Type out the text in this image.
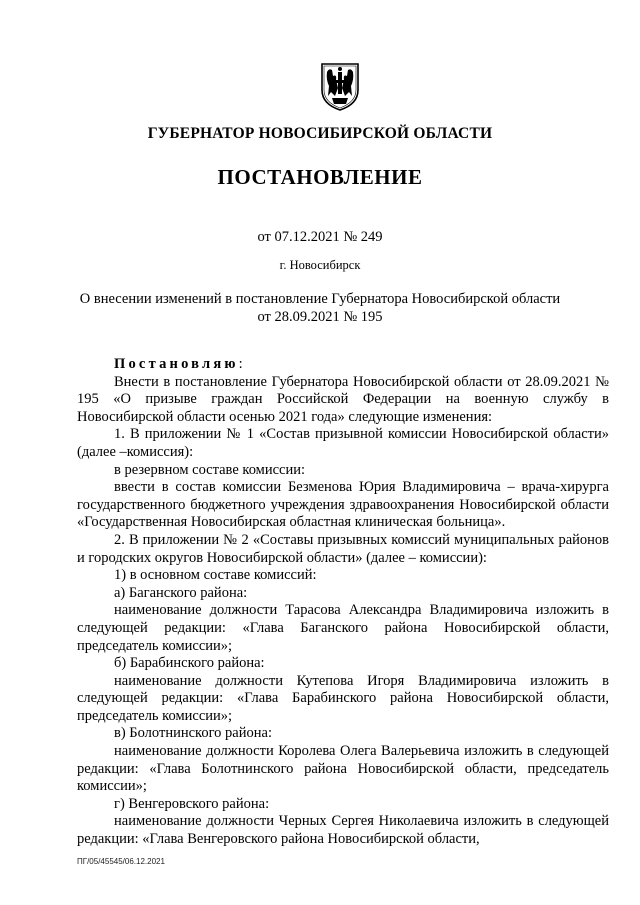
ГУБЕРНАТОР НОВОСИБИРСКОЙ ОБЛАСТИ
ПОСТАНОВЛЕНИЕ
от 07.12.2021 № 249
г. Новосибирск
О внесении изменений в постановление Губернатора Новосибирской области
от 28.09.2021 № 195

Постановляю:

Внести в постановление Губернатора Новосибирской области от 28.09.2021 № 195 «О призыве граждан Российской Федерации на военную службу в Новосибирской области осенью 2021 года» следующие изменения:

1. В приложении № 1 «Состав призывной комиссии Новосибирской области» (далее –комиссия):

в резервном составе комиссии:

ввести в состав комиссии Безменова Юрия Владимировича – врача-хирурга государственного бюджетного учреждения здравоохранения Новосибирской области «Государственная Новосибирская областная клиническая больница».

2. В приложении № 2 «Составы призывных комиссий муниципальных районов и городских округов Новосибирской области» (далее – комиссии):

1) в основном составе комиссий:

а) Баганского района:

наименование должности Тарасова Александра Владимировича изложить в следующей редакции: «Глава Баганского района Новосибирской области, председатель комиссии»;

б) Барабинского района:

наименование должности Кутепова Игоря Владимировича изложить в следующей редакции: «Глава Барабинского района Новосибирской области, председатель комиссии»;

в) Болотнинского района:

наименование должности Королева Олега Валерьевича изложить в следующей редакции: «Глава Болотнинского района Новосибирской области, председатель комиссии»;

г) Венгеровского района:

наименование должности Черных Сергея Николаевича изложить в следующей редакции: «Глава Венгеровского района Новосибирской области,

ПГ/05/45545/06.12.2021
